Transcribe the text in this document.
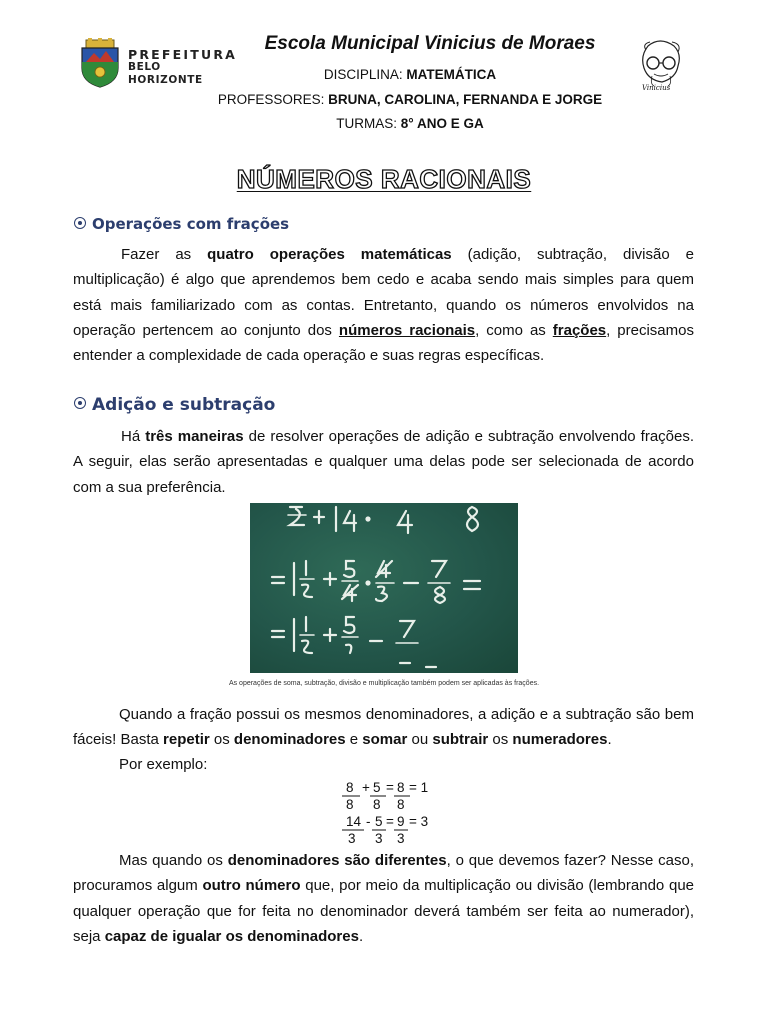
PREFEITURA
BELO HORIZONTE
Escola Municipal Vinicius de Moraes
DISCIPLINA: MATEMÁTICA
PROFESSORES: BRUNA, CAROLINA, FERNANDA E JORGE
TURMAS: 8° ANO E GA
Vinicius
NÚMEROS RACIONAIS
Operações com frações
Fazer as quatro operações matemáticas (adição, subtração, divisão e multiplicação) é algo que aprendemos bem cedo e acaba sendo mais simples para quem está mais familiarizado com as contas. Entretanto, quando os números envolvidos na operação pertencem ao conjunto dos números racionais, como as frações, precisamos entender a complexidade de cada operação e suas regras específicas.
Adição e subtração
Há três maneiras de resolver operações de adição e subtração envolvendo frações. A seguir, elas serão apresentadas e qualquer uma delas pode ser selecionada de acordo com a sua preferência.
As operações de soma, subtração, divisão e multiplicação também podem ser aplicadas às frações.
Quando a fração possui os mesmos denominadores, a adição e a subtração são bem fáceis! Basta repetir os denominadores e somar ou subtrair os numeradores.
Por exemplo:
8 + 5 = 8 = 1
8 8 8
14 - 5 = 9 = 3
3 3 3
Mas quando os denominadores são diferentes, o que devemos fazer? Nesse caso, procuramos algum outro número que, por meio da multiplicação ou divisão (lembrando que qualquer operação que for feita no denominador deverá também ser feita ao numerador), seja capaz de igualar os denominadores.
